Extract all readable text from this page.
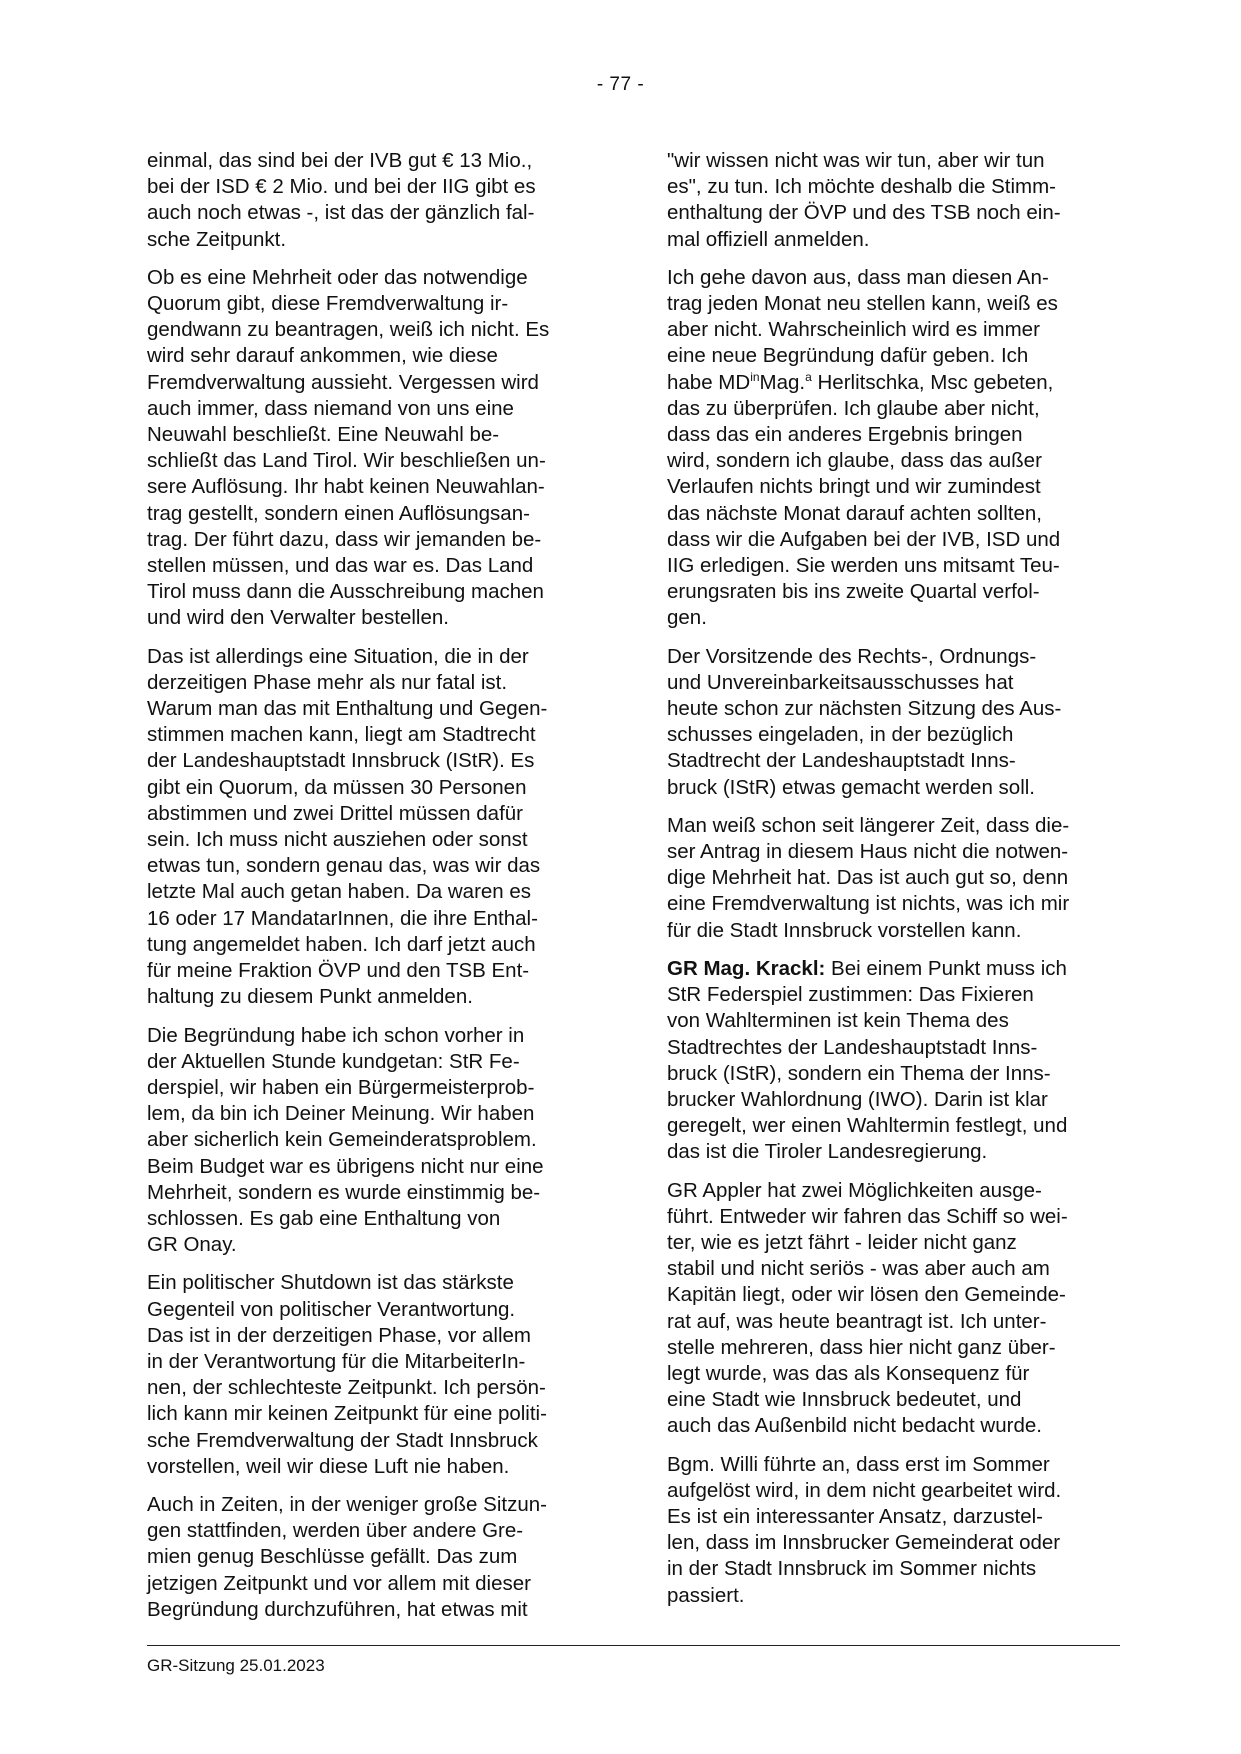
- 77 -

einmal, das sind bei der IVB gut € 13 Mio.,
bei der ISD € 2 Mio. und bei der IIG gibt es
auch noch etwas -, ist das der gänzlich fal-
sche Zeitpunkt.

Ob es eine Mehrheit oder das notwendige
Quorum gibt, diese Fremdverwaltung ir-
gendwann zu beantragen, weiß ich nicht. Es
wird sehr darauf ankommen, wie diese
Fremdverwaltung aussieht. Vergessen wird
auch immer, dass niemand von uns eine
Neuwahl beschließt. Eine Neuwahl be-
schließt das Land Tirol. Wir beschließen un-
sere Auflösung. Ihr habt keinen Neuwahlan-
trag gestellt, sondern einen Auflösungsan-
trag. Der führt dazu, dass wir jemanden be-
stellen müssen, und das war es. Das Land
Tirol muss dann die Ausschreibung machen
und wird den Verwalter bestellen.

Das ist allerdings eine Situation, die in der
derzeitigen Phase mehr als nur fatal ist.
Warum man das mit Enthaltung und Gegen-
stimmen machen kann, liegt am Stadtrecht
der Landeshauptstadt Innsbruck (IStR). Es
gibt ein Quorum, da müssen 30 Personen
abstimmen und zwei Drittel müssen dafür
sein. Ich muss nicht ausziehen oder sonst
etwas tun, sondern genau das, was wir das
letzte Mal auch getan haben. Da waren es
16 oder 17 MandatarInnen, die ihre Enthal-
tung angemeldet haben. Ich darf jetzt auch
für meine Fraktion ÖVP und den TSB Ent-
haltung zu diesem Punkt anmelden.

Die Begründung habe ich schon vorher in
der Aktuellen Stunde kundgetan: StR Fe-
derspiel, wir haben ein Bürgermeisterprob-
lem, da bin ich Deiner Meinung. Wir haben
aber sicherlich kein Gemeinderatsproblem.
Beim Budget war es übrigens nicht nur eine
Mehrheit, sondern es wurde einstimmig be-
schlossen. Es gab eine Enthaltung von
GR Onay.

Ein politischer Shutdown ist das stärkste
Gegenteil von politischer Verantwortung.
Das ist in der derzeitigen Phase, vor allem
in der Verantwortung für die MitarbeiterIn-
nen, der schlechteste Zeitpunkt. Ich persön-
lich kann mir keinen Zeitpunkt für eine politi-
sche Fremdverwaltung der Stadt Innsbruck
vorstellen, weil wir diese Luft nie haben.

Auch in Zeiten, in der weniger große Sitzun-
gen stattfinden, werden über andere Gre-
mien genug Beschlüsse gefällt. Das zum
jetzigen Zeitpunkt und vor allem mit dieser
Begründung durchzuführen, hat etwas mit

"wir wissen nicht was wir tun, aber wir tun
es", zu tun. Ich möchte deshalb die Stimm-
enthaltung der ÖVP und des TSB noch ein-
mal offiziell anmelden.

Ich gehe davon aus, dass man diesen An-
trag jeden Monat neu stellen kann, weiß es
aber nicht. Wahrscheinlich wird es immer
eine neue Begründung dafür geben. Ich
habe $MD^{in}Mag.^a$ Herlitschka, Msc gebeten,
das zu überprüfen. Ich glaube aber nicht,
dass das ein anderes Ergebnis bringen
wird, sondern ich glaube, dass das außer
Verlaufen nichts bringt und wir zumindest
das nächste Monat darauf achten sollten,
dass wir die Aufgaben bei der IVB, ISD und
IIG erledigen. Sie werden uns mitsamt Teu-
erungsraten bis ins zweite Quartal verfol-
gen.

Der Vorsitzende des Rechts-, Ordnungs-
und Unvereinbarkeitsausschusses hat
heute schon zur nächsten Sitzung des Aus-
schusses eingeladen, in der bezüglich
Stadtrecht der Landeshauptstadt Inns-
bruck (IStR) etwas gemacht werden soll.

Man weiß schon seit längerer Zeit, dass die-
ser Antrag in diesem Haus nicht die notwen-
dige Mehrheit hat. Das ist auch gut so, denn
eine Fremdverwaltung ist nichts, was ich mir
für die Stadt Innsbruck vorstellen kann.

GR Mag. Krackl: Bei einem Punkt muss ich
StR Federspiel zustimmen: Das Fixieren
von Wahlterminen ist kein Thema des
Stadtrechtes der Landeshauptstadt Inns-
bruck (IStR), sondern ein Thema der Inns-
brucker Wahlordnung (IWO). Darin ist klar
geregelt, wer einen Wahltermin festlegt, und
das ist die Tiroler Landesregierung.

GR Appler hat zwei Möglichkeiten ausge-
führt. Entweder wir fahren das Schiff so wei-
ter, wie es jetzt fährt - leider nicht ganz
stabil und nicht seriös - was aber auch am
Kapitän liegt, oder wir lösen den Gemeinde-
rat auf, was heute beantragt ist. Ich unter-
stelle mehreren, dass hier nicht ganz über-
legt wurde, was das als Konsequenz für
eine Stadt wie Innsbruck bedeutet, und
auch das Außenbild nicht bedacht wurde.

Bgm. Willi führte an, dass erst im Sommer
aufgelöst wird, in dem nicht gearbeitet wird.
Es ist ein interessanter Ansatz, darzustel-
len, dass im Innsbrucker Gemeinderat oder
in der Stadt Innsbruck im Sommer nichts
passiert.

GR-Sitzung 25.01.2023
